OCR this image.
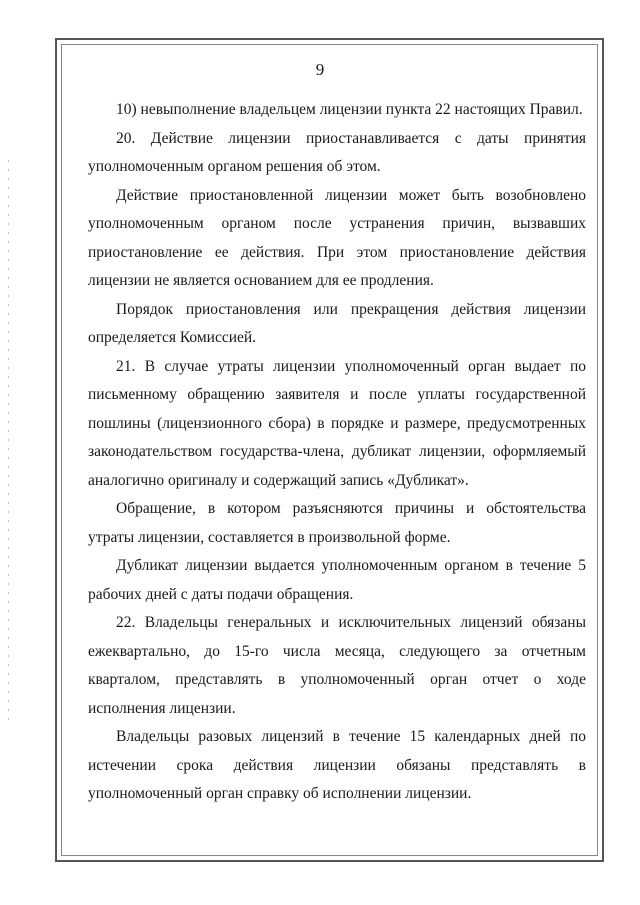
9

10) невыполнение владельцем лицензии пункта 22 настоящих Правил.

20. Действие лицензии приостанавливается с даты принятия уполномоченным органом решения об этом.

Действие приостановленной лицензии может быть возобновлено уполномоченным органом после устранения причин, вызвавших приостановление ее действия. При этом приостановление действия лицензии не является основанием для ее продления.

Порядок приостановления или прекращения действия лицензии определяется Комиссией.

21. В случае утраты лицензии уполномоченный орган выдает по письменному обращению заявителя и после уплаты государственной пошлины (лицензионного сбора) в порядке и размере, предусмотренных законодательством государства-члена, дубликат лицензии, оформляемый аналогично оригиналу и содержащий запись «Дубликат».

Обращение, в котором разъясняются причины и обстоятельства утраты лицензии, составляется в произвольной форме.

Дубликат лицензии выдается уполномоченным органом в течение 5 рабочих дней с даты подачи обращения.

22. Владельцы генеральных и исключительных лицензий обязаны ежеквартально, до 15-го числа месяца, следующего за отчетным кварталом, представлять в уполномоченный орган отчет о ходе исполнения лицензии.

Владельцы разовых лицензий в течение 15 календарных дней по истечении срока действия лицензии обязаны представлять в уполномоченный орган справку об исполнении лицензии.
